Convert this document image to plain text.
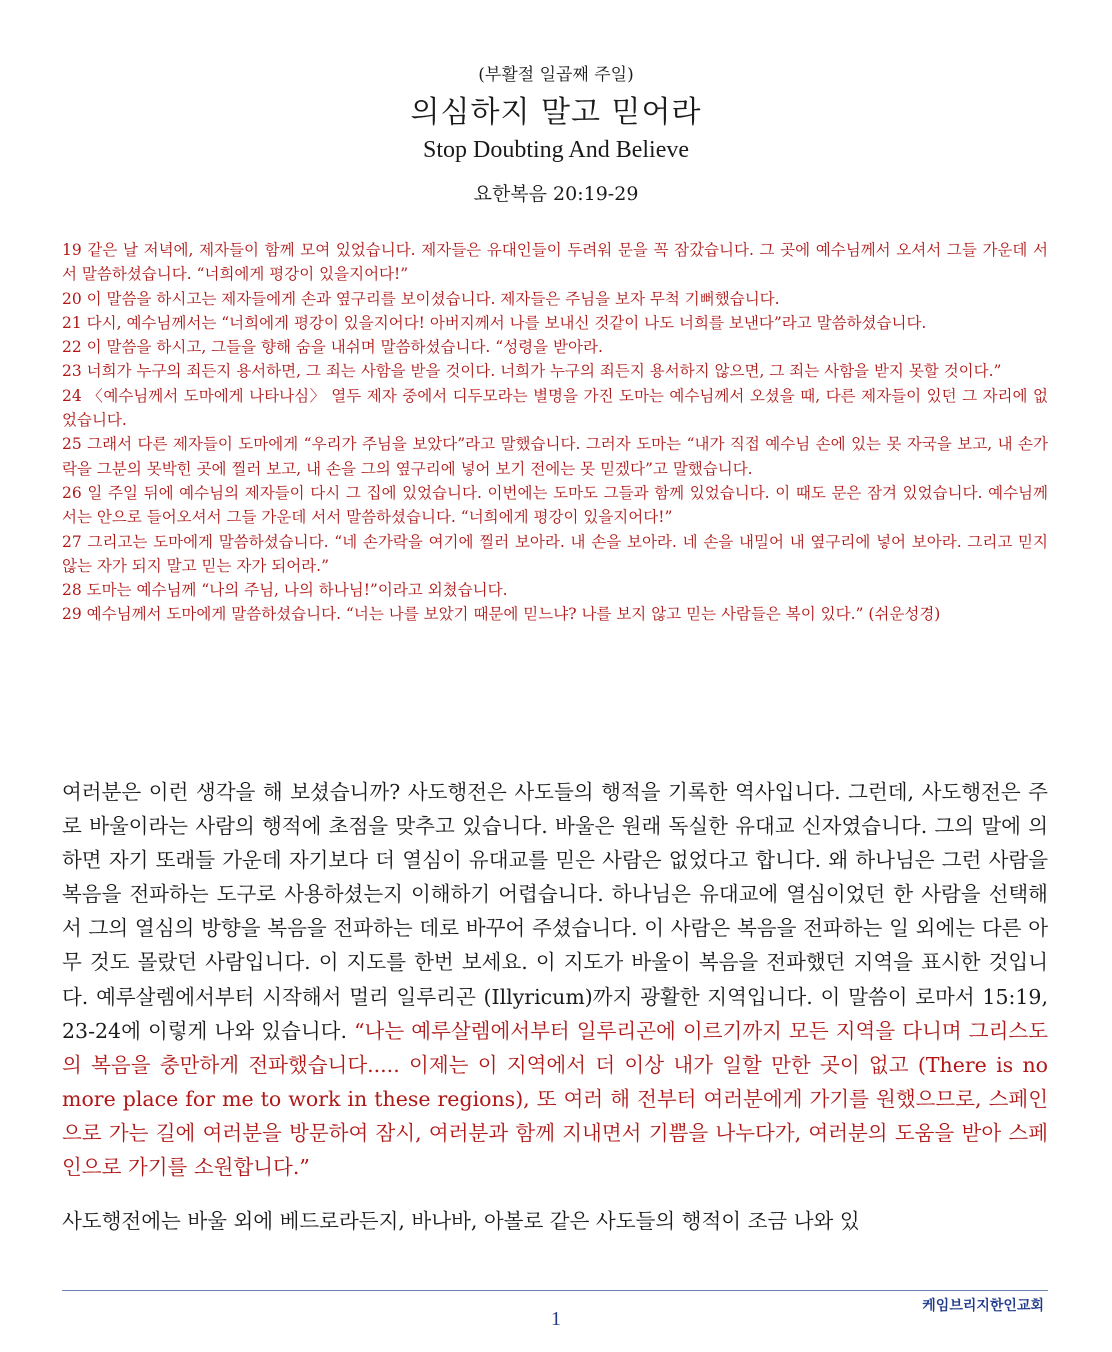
(부활절 일곱째 주일)
의심하지 말고 믿어라
Stop Doubting And Believe
요한복음 20:19-29

19 같은 날 저녁에, 제자들이 함께 모여 있었습니다. 제자들은 유대인들이 두려워 문을 꼭 잠갔습니다. 그 곳에 예수님께서 오셔서 그들 가운데 서서 말씀하셨습니다. “너희에게 평강이 있을지어다!”

20 이 말씀을 하시고는 제자들에게 손과 옆구리를 보이셨습니다. 제자들은 주님을 보자 무척 기뻐했습니다.

21 다시, 예수님께서는 “너희에게 평강이 있을지어다! 아버지께서 나를 보내신 것같이 나도 너희를 보낸다”라고 말씀하셨습니다.

22 이 말씀을 하시고, 그들을 향해 숨을 내쉬며 말씀하셨습니다. “성령을 받아라.

23 너희가 누구의 죄든지 용서하면, 그 죄는 사함을 받을 것이다. 너희가 누구의 죄든지 용서하지 않으면, 그 죄는 사함을 받지 못할 것이다.”

24 〈예수님께서 도마에게 나타나심〉 열두 제자 중에서 디두모라는 별명을 가진 도마는 예수님께서 오셨을 때, 다른 제자들이 있던 그 자리에 없었습니다.

25 그래서 다른 제자들이 도마에게 “우리가 주님을 보았다”라고 말했습니다. 그러자 도마는 “내가 직접 예수님 손에 있는 못 자국을 보고, 내 손가락을 그분의 못박힌 곳에 찔러 보고, 내 손을 그의 옆구리에 넣어 보기 전에는 못 믿겠다”고 말했습니다.

26 일 주일 뒤에 예수님의 제자들이 다시 그 집에 있었습니다. 이번에는 도마도 그들과 함께 있었습니다. 이 때도 문은 잠겨 있었습니다. 예수님께서는 안으로 들어오셔서 그들 가운데 서서 말씀하셨습니다. “너희에게 평강이 있을지어다!”

27 그리고는 도마에게 말씀하셨습니다. “네 손가락을 여기에 찔러 보아라. 내 손을 보아라. 네 손을 내밀어 내 옆구리에 넣어 보아라. 그리고 믿지 않는 자가 되지 말고 믿는 자가 되어라.”

28 도마는 예수님께 “나의 주님, 나의 하나님!”이라고 외쳤습니다.

29 예수님께서 도마에게 말씀하셨습니다. “너는 나를 보았기 때문에 믿느냐? 나를 보지 않고 믿는 사람들은 복이 있다.” (쉬운성경)

여러분은 이런 생각을 해 보셨습니까? 사도행전은 사도들의 행적을 기록한 역사입니다. 그런데, 사도행전은 주로 바울이라는 사람의 행적에 초점을 맞추고 있습니다. 바울은 원래 독실한 유대교 신자였습니다. 그의 말에 의하면 자기 또래들 가운데 자기보다 더 열심이 유대교를 믿은 사람은 없었다고 합니다. 왜 하나님은 그런 사람을 복음을 전파하는 도구로 사용하셨는지 이해하기 어렵습니다. 하나님은 유대교에 열심이었던 한 사람을 선택해서 그의 열심의 방향을 복음을 전파하는 데로 바꾸어 주셨습니다. 이 사람은 복음을 전파하는 일 외에는 다른 아무 것도 몰랐던 사람입니다. 이 지도를 한번 보세요. 이 지도가 바울이 복음을 전파했던 지역을 표시한 것입니다. 예루살렘에서부터 시작해서 멀리 일루리곤 (Illyricum)까지 광활한 지역입니다. 이 말씀이 로마서 15:19, 23-24에 이렇게 나와 있습니다. “나는 예루살렘에서부터 일루리곤에 이르기까지 모든 지역을 다니며 그리스도의 복음을 충만하게 전파했습니다..... 이제는 이 지역에서 더 이상 내가 일할 만한 곳이 없고 (There is no more place for me to work in these regions), 또 여러 해 전부터 여러분에게 가기를 원했으므로, 스페인으로 가는 길에 여러분을 방문하여 잠시, 여러분과 함께 지내면서 기쁨을 나누다가, 여러분의 도움을 받아 스페인으로 가기를 소원합니다.”

사도행전에는 바울 외에 베드로라든지, 바나바, 아볼로 같은 사도들의 행적이 조금 나와 있

케임브리지한인교회
1
